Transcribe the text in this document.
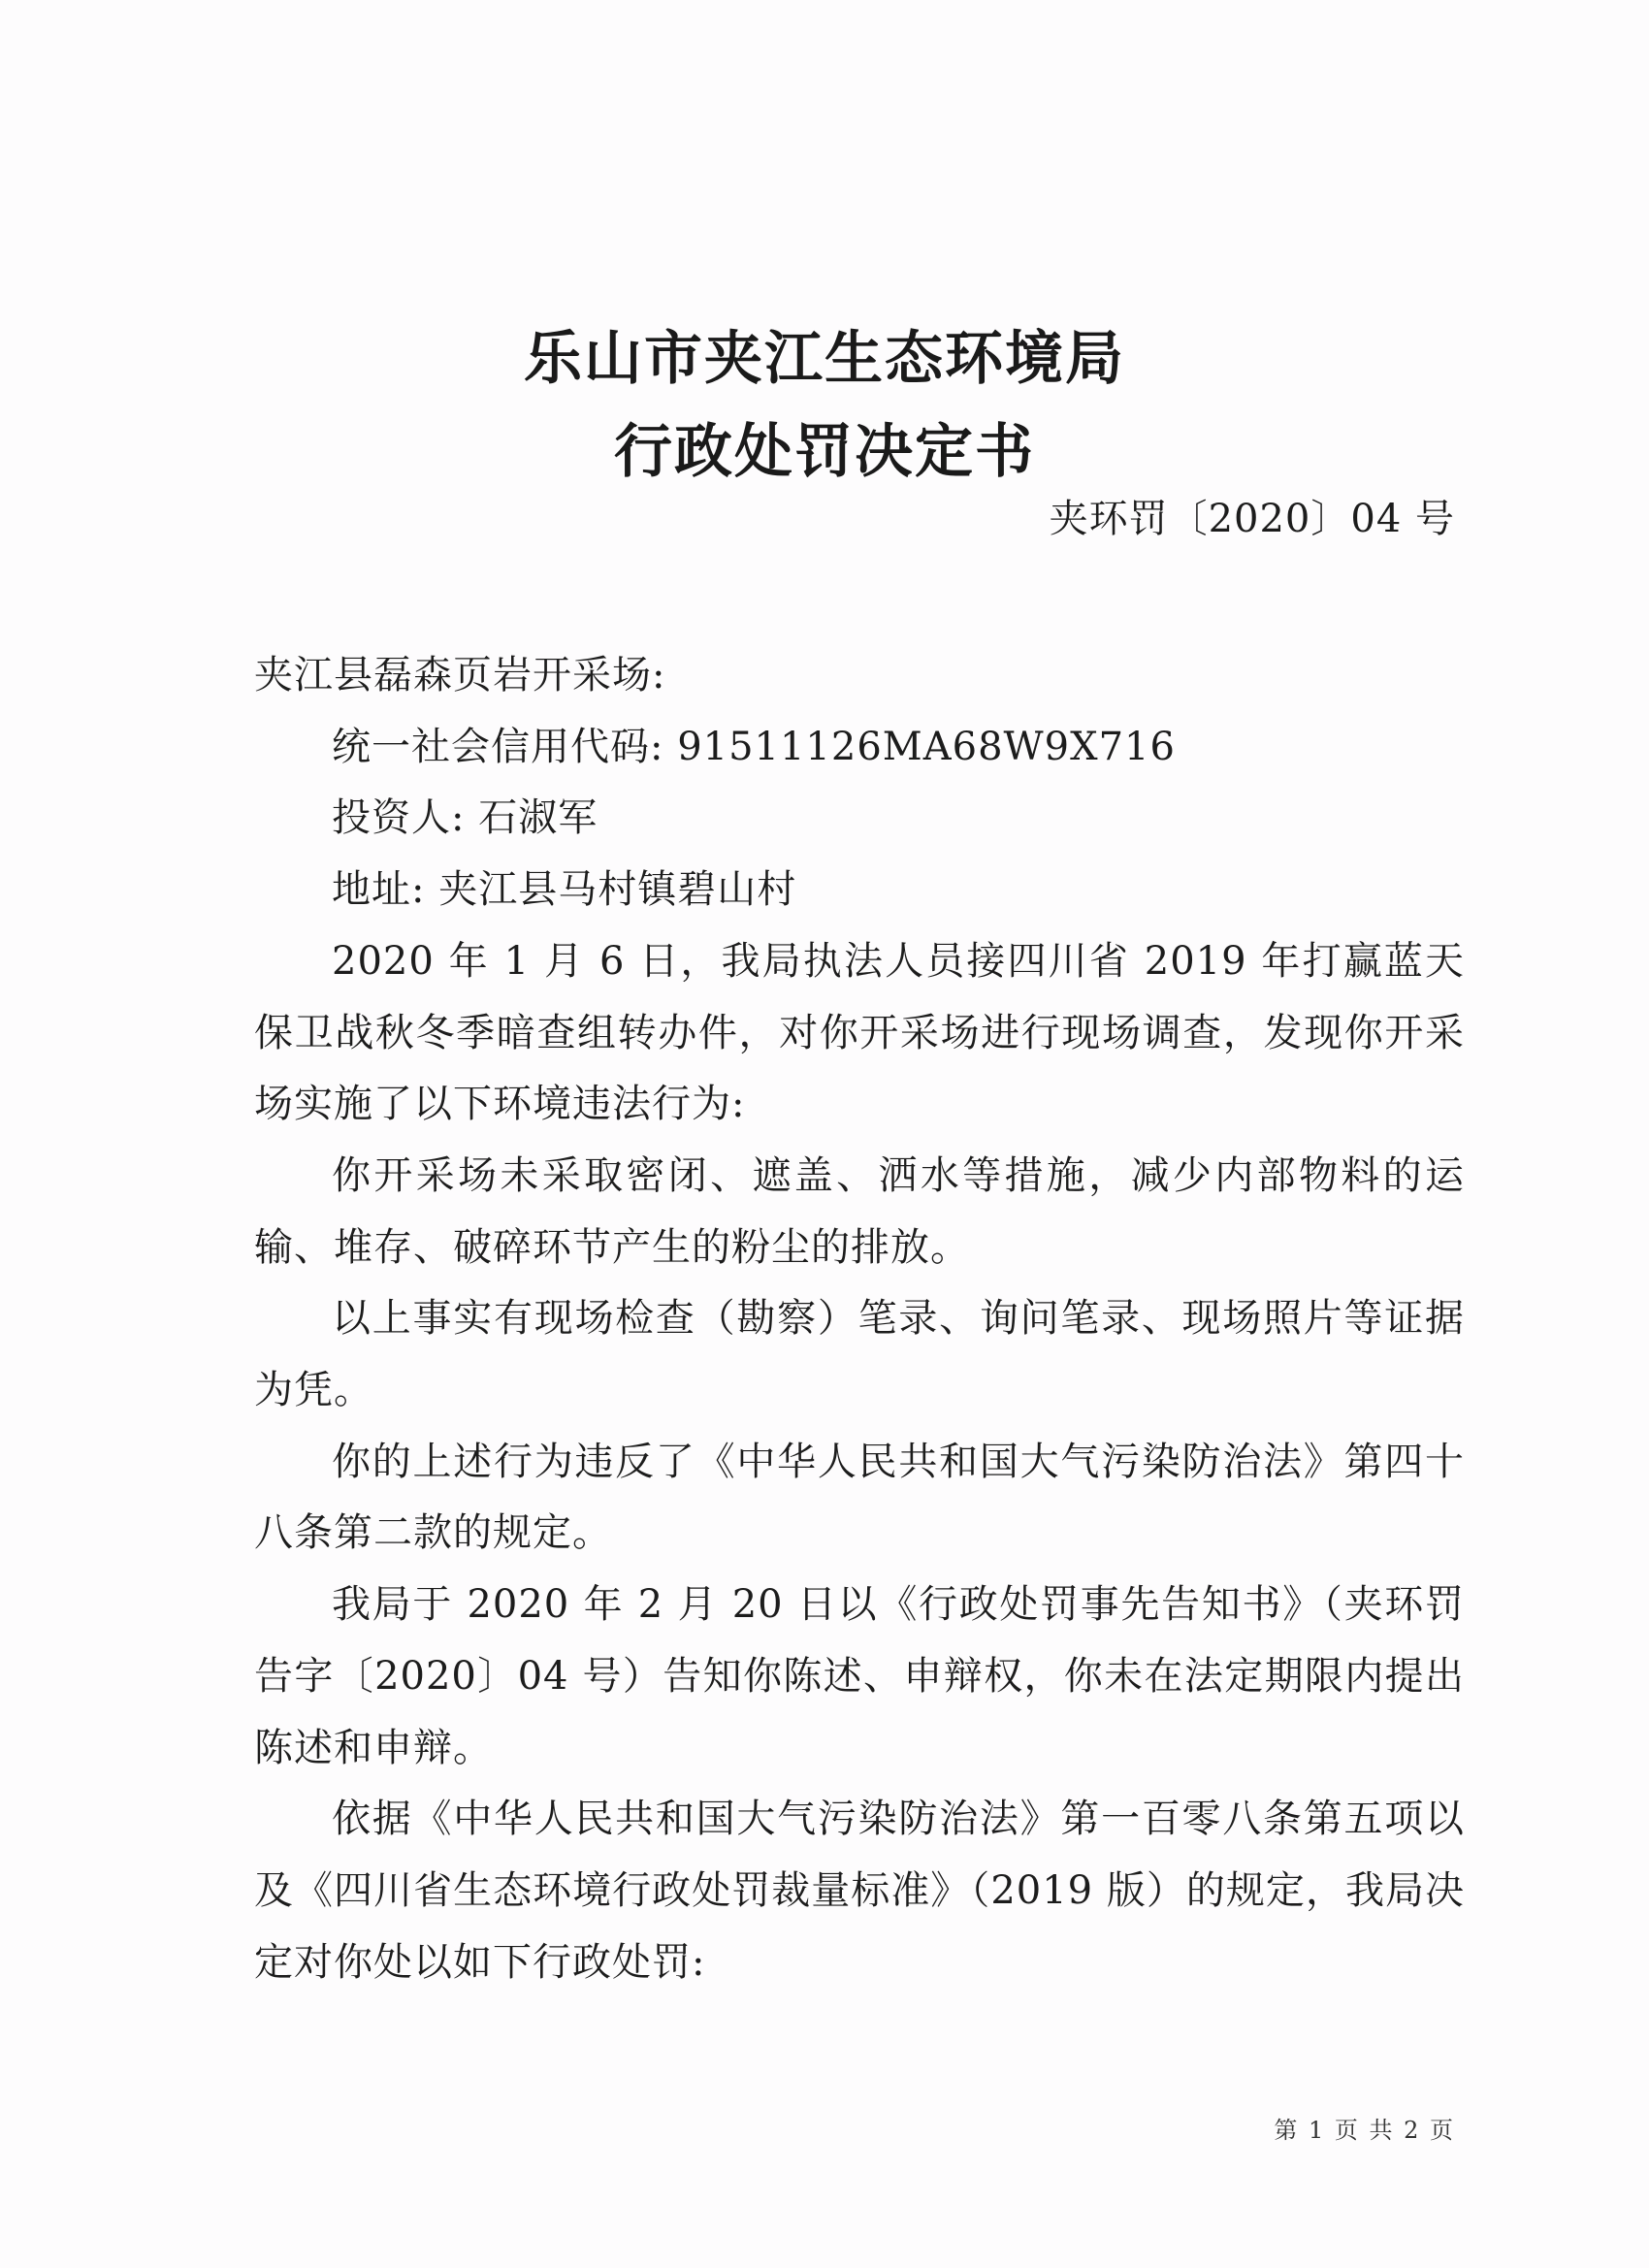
乐山市夹江生态环境局
行政处罚决定书
夹环罚〔2020〕04 号

夹江县磊森页岩开采场:

统一社会信用代码: 91511126MA68W9X716

投资人: 石淑军

地址: 夹江县马村镇碧山村

2020 年 1 月 6 日，我局执法人员接四川省 2019 年打赢蓝天保卫战秋冬季暗查组转办件，对你开采场进行现场调查，发现你开采场实施了以下环境违法行为:

你开采场未采取密闭、遮盖、洒水等措施，减少内部物料的运输、堆存、破碎环节产生的粉尘的排放。

以上事实有现场检查（勘察）笔录、询问笔录、现场照片等证据为凭。

你的上述行为违反了《中华人民共和国大气污染防治法》第四十八条第二款的规定。

我局于 2020 年 2 月 20 日以《行政处罚事先告知书》（夹环罚告字〔2020〕04 号）告知你陈述、申辩权，你未在法定期限内提出陈述和申辩。

依据《中华人民共和国大气污染防治法》第一百零八条第五项以及《四川省生态环境行政处罚裁量标准》（2019 版）的规定，我局决定对你处以如下行政处罚:

第 1 页 共 2 页
